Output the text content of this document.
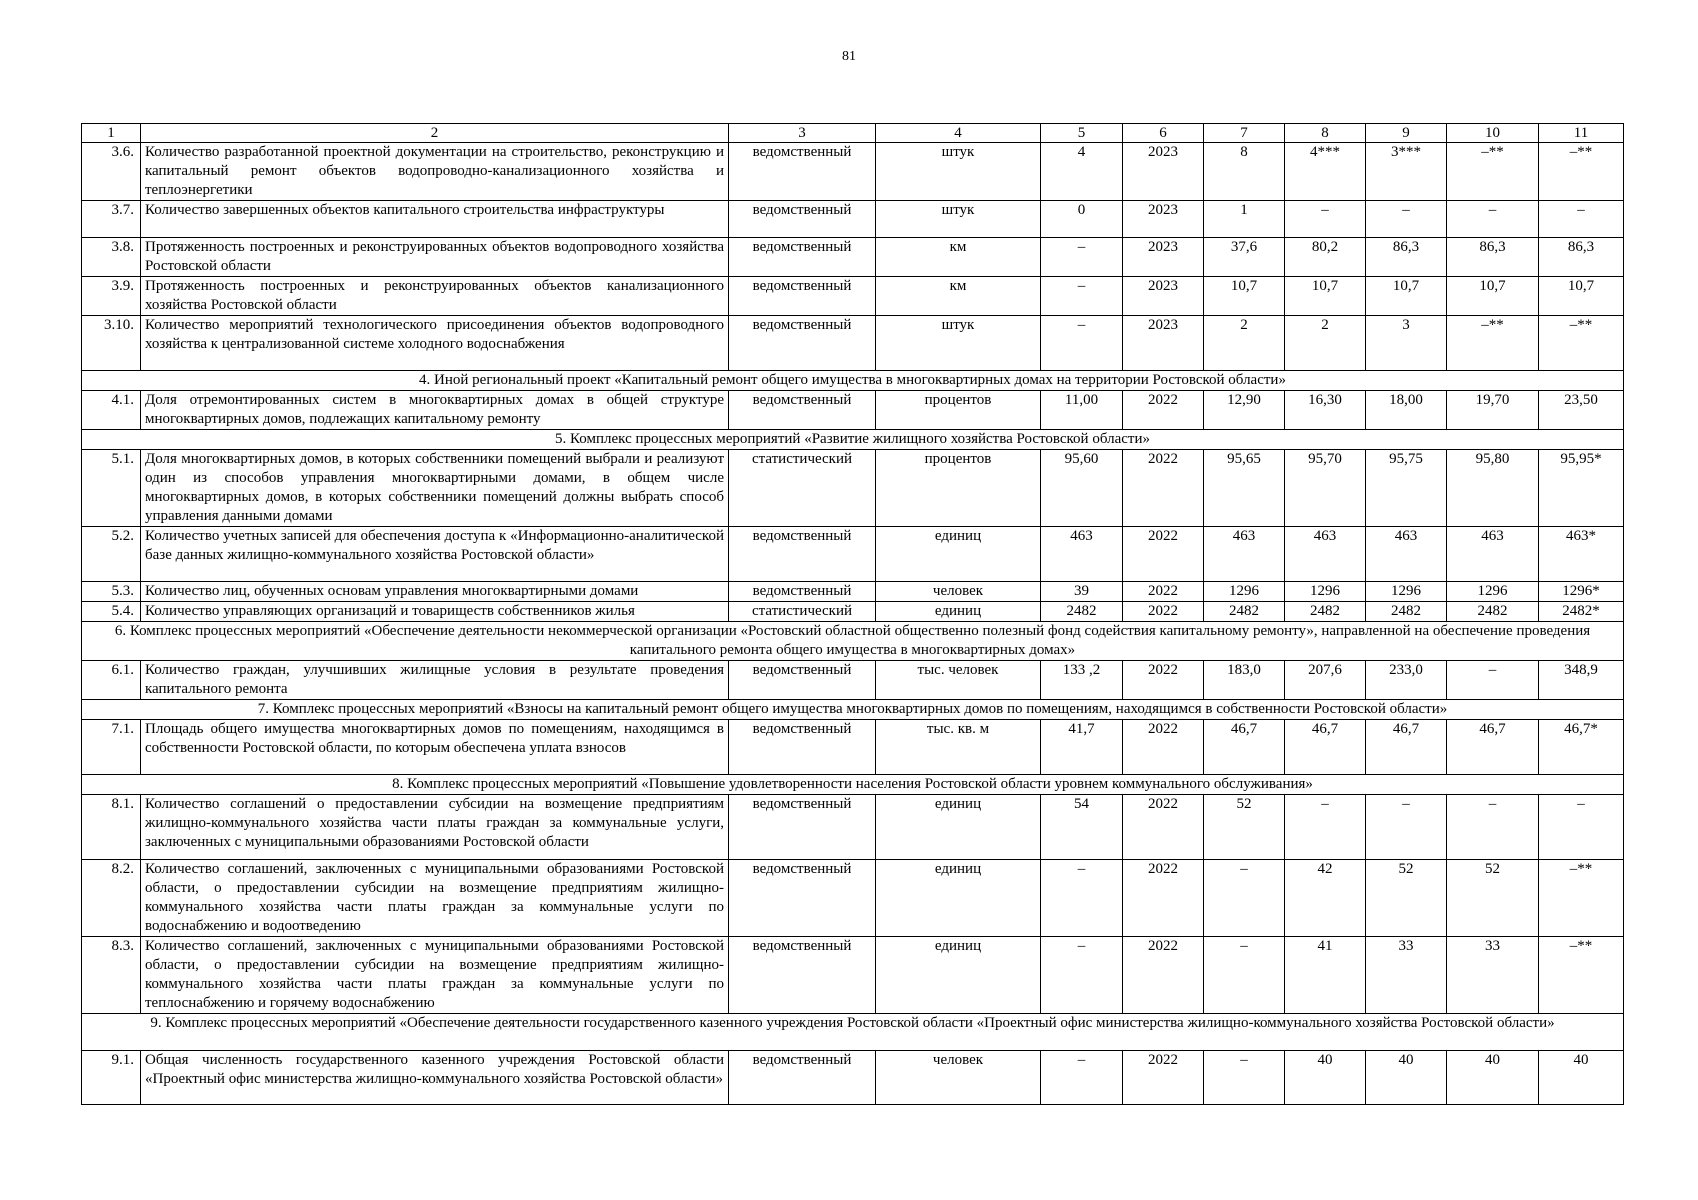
81
1	2	3	4	5	6	7	8	9	10	11
3.6.	Количество разработанной проектной документации на строительство, реконструкцию и капитальный ремонт объектов водопроводно-канализационного хозяйства и теплоэнергетики	ведомственный	штук	4	2023	8	4***	3***	–**	–**
3.7.	Количество завершенных объектов капитального строительства инфраструктуры	ведомственный	штук	0	2023	1	–	–	–	–
3.8.	Протяженность построенных и реконструированных объектов водопроводного хозяйства Ростовской области	ведомственный	км	–	2023	37,6	80,2	86,3	86,3	86,3
3.9.	Протяженность построенных и реконструированных объектов канализационного хозяйства Ростовской области	ведомственный	км	–	2023	10,7	10,7	10,7	10,7	10,7
3.10.	Количество мероприятий технологического присоединения объектов водопроводного хозяйства к централизованной системе холодного водоснабжения	ведомственный	штук	–	2023	2	2	3	–**	–**
4. Иной региональный проект «Капитальный ремонт общего имущества в многоквартирных домах на территории Ростовской области»										
4.1.	Доля отремонтированных систем в многоквартирных домах в общей структуре многоквартирных домов, подлежащих капитальному ремонту	ведомственный	процентов	11,00	2022	12,90	16,30	18,00	19,70	23,50
5. Комплекс процессных мероприятий «Развитие жилищного хозяйства Ростовской области»										
5.1.	Доля многоквартирных домов, в которых собственники помещений выбрали и реализуют один из способов управления многоквартирными домами, в общем числе многоквартирных домов, в которых собственники помещений должны выбрать способ управления данными домами	статистический	процентов	95,60	2022	95,65	95,70	95,75	95,80	95,95*
5.2.	Количество учетных записей для обеспечения доступа к «Информационно-аналитической базе данных жилищно-коммунального хозяйства Ростовской области»	ведомственный	единиц	463	2022	463	463	463	463	463*
5.3.	Количество лиц, обученных основам управления многоквартирными домами	ведомственный	человек	39	2022	1296	1296	1296	1296	1296*
5.4.	Количество управляющих организаций и товариществ собственников жилья	статистический	единиц	2482	2022	2482	2482	2482	2482	2482*
6. Комплекс процессных мероприятий «Обеспечение деятельности некоммерческой организации «Ростовский областной общественно полезный фонд содействия капитальному ремонту», направленной на обеспечение проведения капитального ремонта общего имущества в многоквартирных домах»										
6.1.	Количество граждан, улучшивших жилищные условия в результате проведения капитального ремонта	ведомственный	тыс. человек	133 ,2	2022	183,0	207,6	233,0	–	348,9
7. Комплекс процессных мероприятий «Взносы на капитальный ремонт общего имущества многоквартирных домов по помещениям, находящимся в собственности Ростовской области»										
7.1.	Площадь общего имущества многоквартирных домов по помещениям, находящимся в собственности Ростовской области, по которым обеспечена уплата взносов	ведомственный	тыс. кв. м	41,7	2022	46,7	46,7	46,7	46,7	46,7*
8. Комплекс процессных мероприятий «Повышение удовлетворенности населения Ростовской области уровнем коммунального обслуживания»										
8.1.	Количество соглашений о предоставлении субсидии на возмещение предприятиям жилищно-коммунального хозяйства части платы граждан за коммунальные услуги, заключенных с муниципальными образованиями Ростовской области	ведомственный	единиц	54	2022	52	–	–	–	–
8.2.	Количество соглашений, заключенных с муниципальными образованиями Ростовской области, о предоставлении субсидии на возмещение предприятиям жилищно-коммунального хозяйства части платы граждан за коммунальные услуги по водоснабжению и водоотведению	ведомственный	единиц	–	2022	–	42	52	52	–**
8.3.	Количество соглашений, заключенных с муниципальными образованиями Ростовской области, о предоставлении субсидии на возмещение предприятиям жилищно-коммунального хозяйства части платы граждан за коммунальные услуги по теплоснабжению и горячему водоснабжению	ведомственный	единиц	–	2022	–	41	33	33	–**
9. Комплекс процессных мероприятий «Обеспечение деятельности государственного казенного учреждения Ростовской области «Проектный офис министерства жилищно-коммунального хозяйства Ростовской области»										
9.1.	Общая численность государственного казенного учреждения Ростовской области «Проектный офис министерства жилищно-коммунального хозяйства Ростовской области»	ведомственный	человек	–	2022	–	40	40	40	40
